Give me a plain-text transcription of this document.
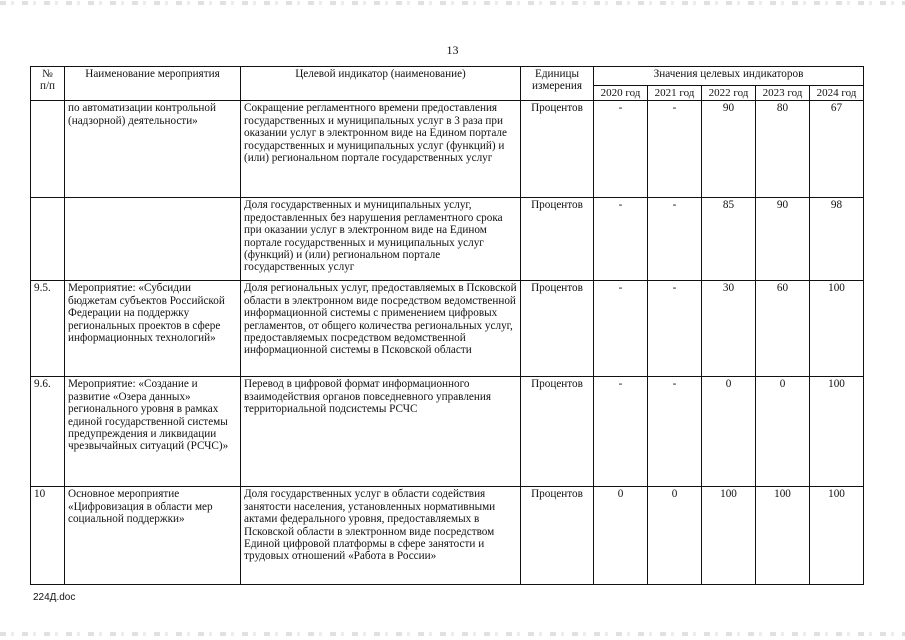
13
№
п/п	Наименование мероприятия	Целевой индикатор (наименование)	Единицы измерения	Значения целевых индикаторов				
				2020 год	2021 год	2022 год	2023 год	2024 год
	по автоматизации контрольной (надзорной) деятельности»	Сокращение регламентного времени предоставления государственных и муниципальных услуг в 3 раза при оказании услуг в электронном виде на Едином портале государственных и муниципальных услуг (функций) и (или) региональном портале государственных услуг	Процентов	-	-	90	80	67
		Доля государственных и муниципальных услуг, предоставленных без нарушения регламентного срока при оказании услуг в электронном виде на Едином портале государственных и муниципальных услуг (функций) и (или) региональном портале государственных услуг	Процентов	-	-	85	90	98
9.5.	Мероприятие: «Субсидии бюджетам субъектов Российской Федерации на поддержку региональных проектов в сфере информационных технологий»	Доля региональных услуг, предоставляемых в Псковской области в электронном виде посредством ведомственной информационной системы с применением цифровых регламентов, от общего количества региональных услуг, предоставляемых посредством ведомственной информационной системы в Псковской области	Процентов	-	-	30	60	100
9.6.	Мероприятие: «Создание и развитие «Озера данных» регионального уровня в рамках единой государственной системы предупреждения и ликвидации чрезвычайных ситуаций (РСЧС)»	Перевод в цифровой формат информационного взаимодействия органов повседневного управления территориальной подсистемы РСЧС	Процентов	-	-	0	0	100
10	Основное мероприятие «Цифровизация в области мер социальной поддержки»	Доля государственных услуг в области содействия занятости населения, установленных нормативными актами федерального уровня, предоставляемых в Псковской области в электронном виде посредством Единой цифровой платформы в сфере занятости и трудовых отношений «Работа в России»	Процентов	0	0	100	100	100
224Д.doc
